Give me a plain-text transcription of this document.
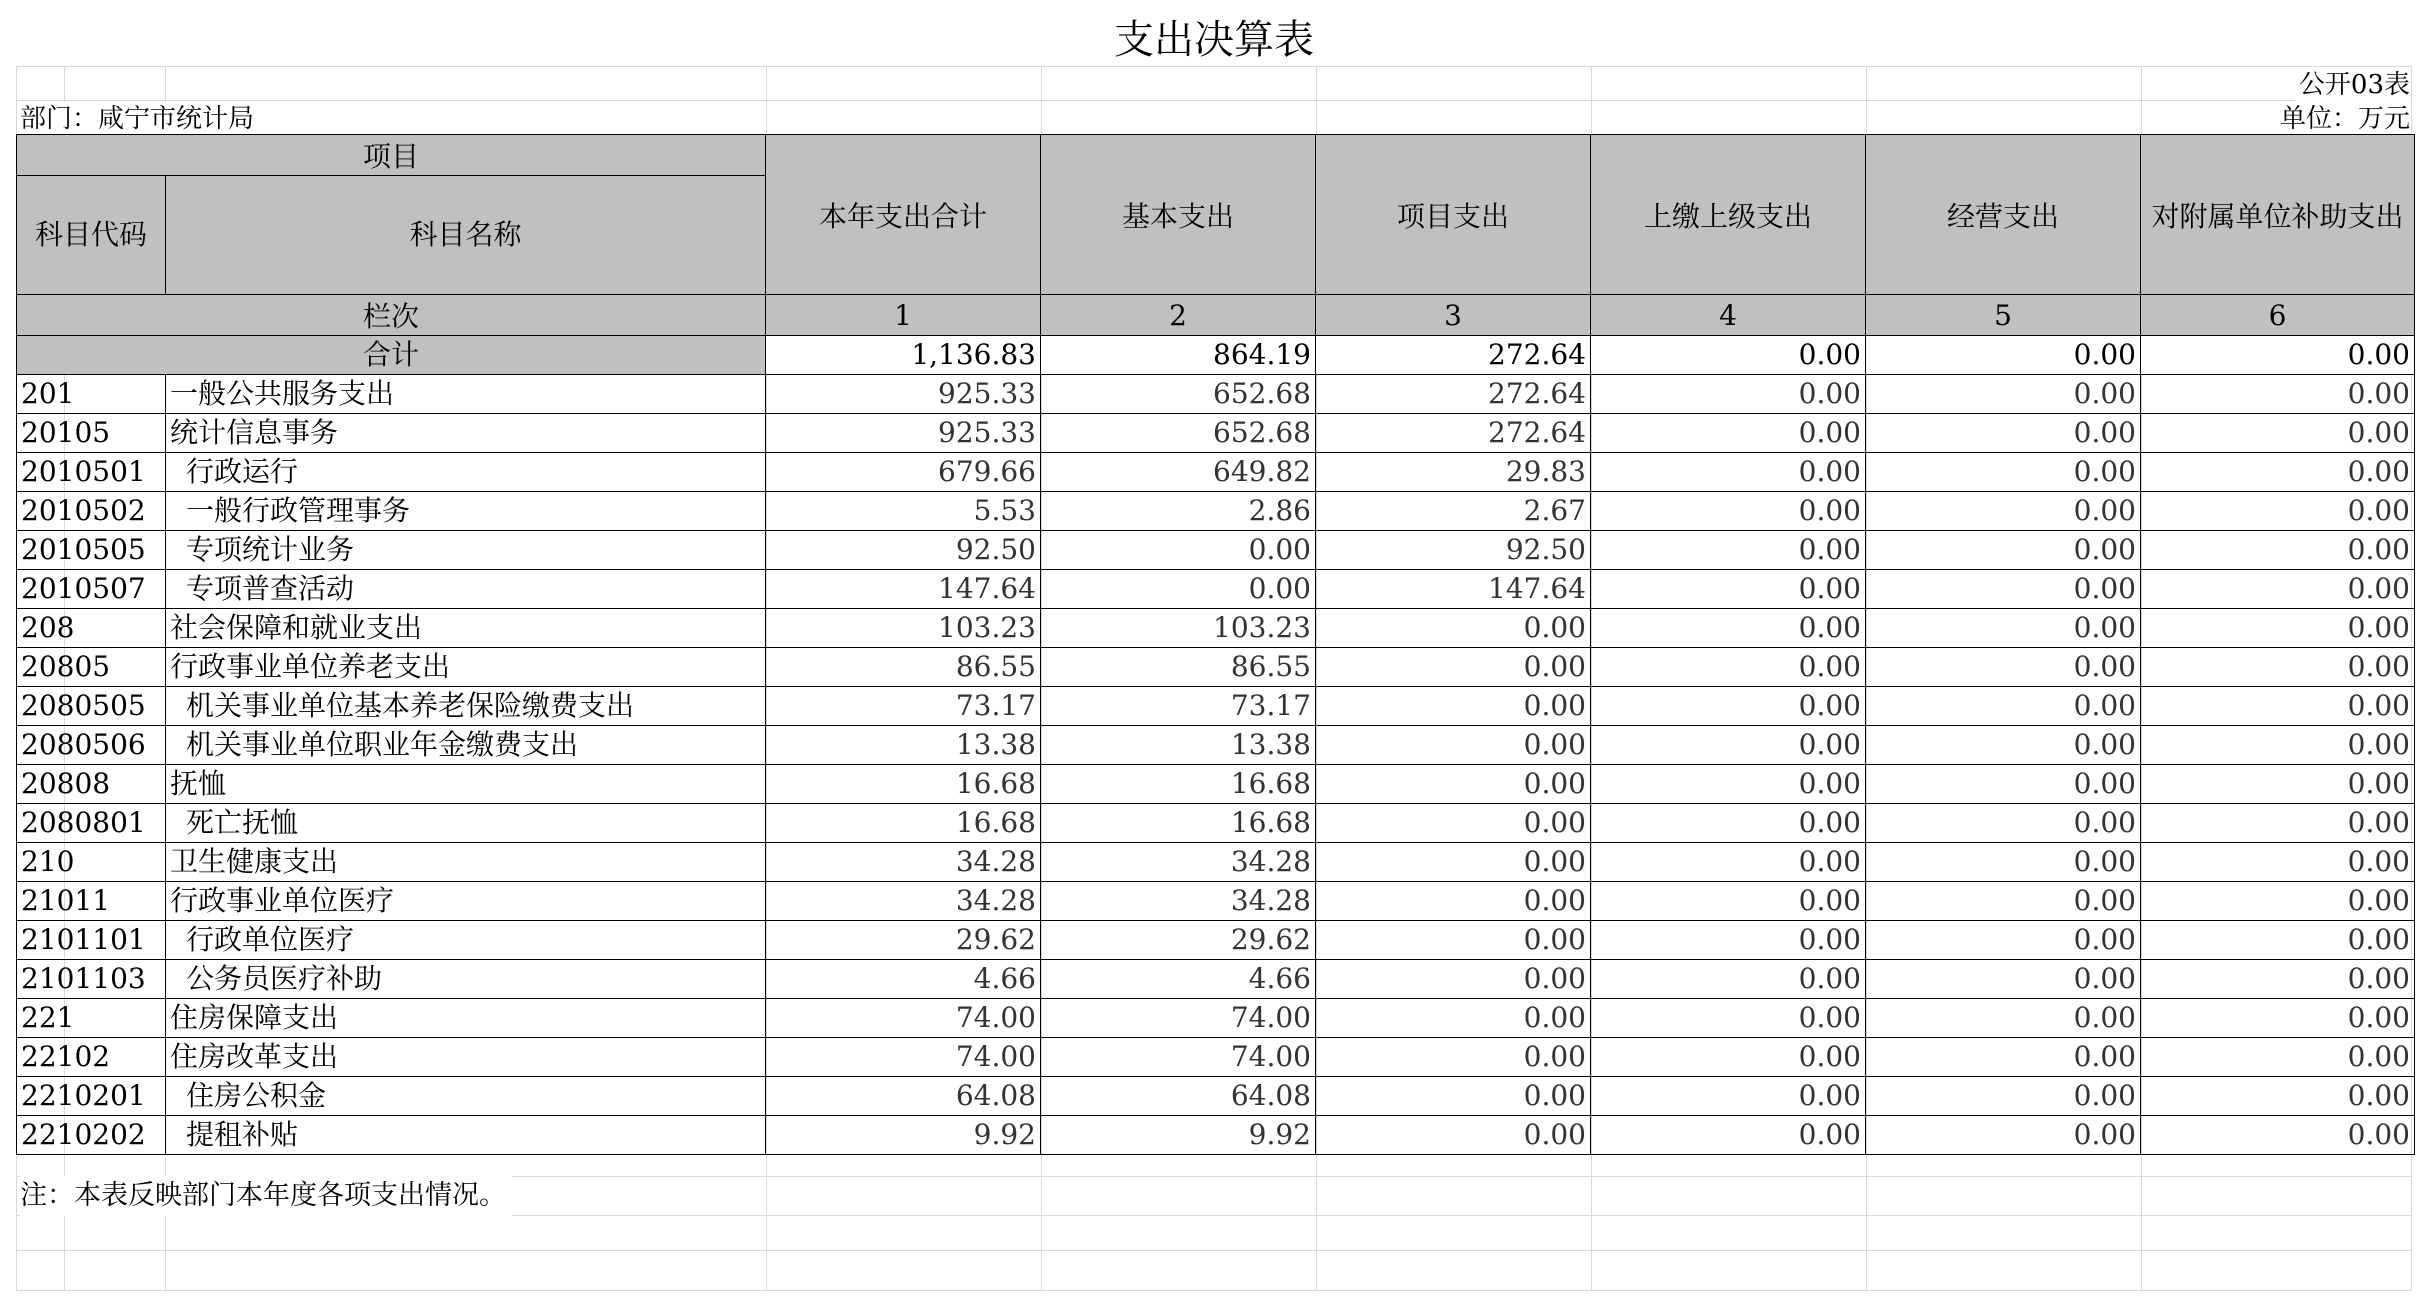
支出决算表
公开03表
部门：咸宁市统计局	单位：万元
项目		本年支出合计	基本支出	项目支出	上缴上级支出	经营支出	对附属单位补助支出
科目代码	科目名称						
栏次		1	2	3	4	5	6
合计		1,136.83	864.19	272.64	0.00	0.00	0.00
201	一般公共服务支出	925.33	652.68	272.64	0.00	0.00	0.00
20105	统计信息事务	925.33	652.68	272.64	0.00	0.00	0.00
2010501	行政运行	679.66	649.82	29.83	0.00	0.00	0.00
2010502	一般行政管理事务	5.53	2.86	2.67	0.00	0.00	0.00
2010505	专项统计业务	92.50	0.00	92.50	0.00	0.00	0.00
2010507	专项普查活动	147.64	0.00	147.64	0.00	0.00	0.00
208	社会保障和就业支出	103.23	103.23	0.00	0.00	0.00	0.00
20805	行政事业单位养老支出	86.55	86.55	0.00	0.00	0.00	0.00
2080505	机关事业单位基本养老保险缴费支出	73.17	73.17	0.00	0.00	0.00	0.00
2080506	机关事业单位职业年金缴费支出	13.38	13.38	0.00	0.00	0.00	0.00
20808	抚恤	16.68	16.68	0.00	0.00	0.00	0.00
2080801	死亡抚恤	16.68	16.68	0.00	0.00	0.00	0.00
210	卫生健康支出	34.28	34.28	0.00	0.00	0.00	0.00
21011	行政事业单位医疗	34.28	34.28	0.00	0.00	0.00	0.00
2101101	行政单位医疗	29.62	29.62	0.00	0.00	0.00	0.00
2101103	公务员医疗补助	4.66	4.66	0.00	0.00	0.00	0.00
221	住房保障支出	74.00	74.00	0.00	0.00	0.00	0.00
22102	住房改革支出	74.00	74.00	0.00	0.00	0.00	0.00
2210201	住房公积金	64.08	64.08	0.00	0.00	0.00	0.00
2210202	提租补贴	9.92	9.92	0.00	0.00	0.00	0.00
注：本表反映部门本年度各项支出情况。
